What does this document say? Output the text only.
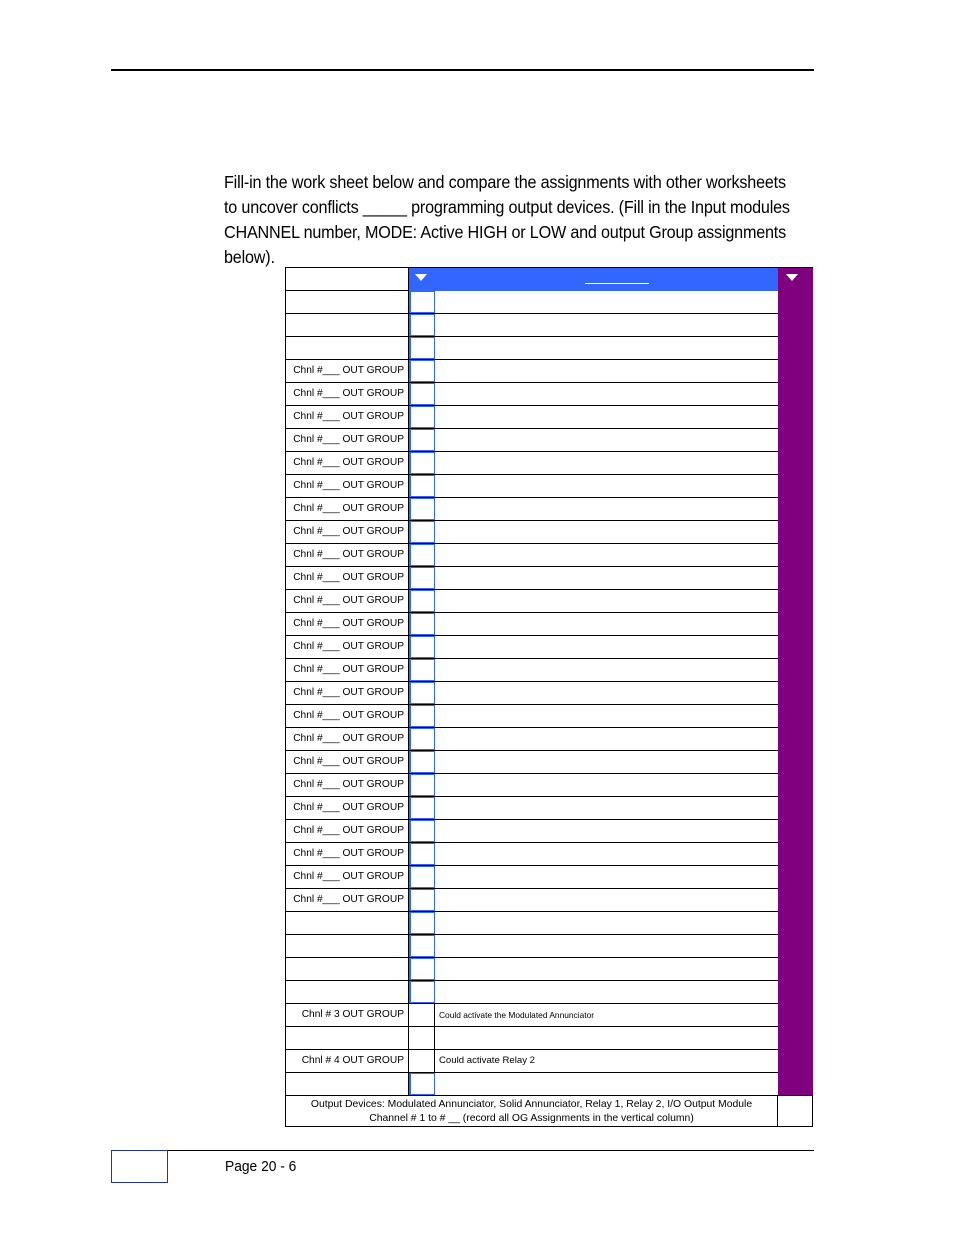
Fill-in the work sheet below and compare the assignments with other worksheets

to uncover conflicts _____ programming output devices. (Fill in the Input modules

CHANNEL number, MODE: Active HIGH or LOW and output Group assignments

below).

Chnl #___ OUT GROUP
Chnl #___ OUT GROUP
Chnl #___ OUT GROUP
Chnl #___ OUT GROUP
Chnl #___ OUT GROUP
Chnl #___ OUT GROUP
Chnl #___ OUT GROUP
Chnl #___ OUT GROUP
Chnl #___ OUT GROUP
Chnl #___ OUT GROUP
Chnl #___ OUT GROUP
Chnl #___ OUT GROUP
Chnl #___ OUT GROUP
Chnl #___ OUT GROUP
Chnl #___ OUT GROUP
Chnl #___ OUT GROUP
Chnl #___ OUT GROUP
Chnl #___ OUT GROUP
Chnl #___ OUT GROUP
Chnl #___ OUT GROUP
Chnl #___ OUT GROUP
Chnl #___ OUT GROUP
Chnl #___ OUT GROUP
Chnl #___ OUT GROUP
Chnl # 3 OUT GROUP	Could activate the Modulated Annunciator
Chnl # 4 OUT GROUP	Could activate Relay 2
Output Devices: Modulated Annunciator, Solid Annunciator, Relay 1, Relay 2, I/O Output Module
Channel # 1 to # __ (record all OG Assignments in the vertical column)
Page 20 - 6
